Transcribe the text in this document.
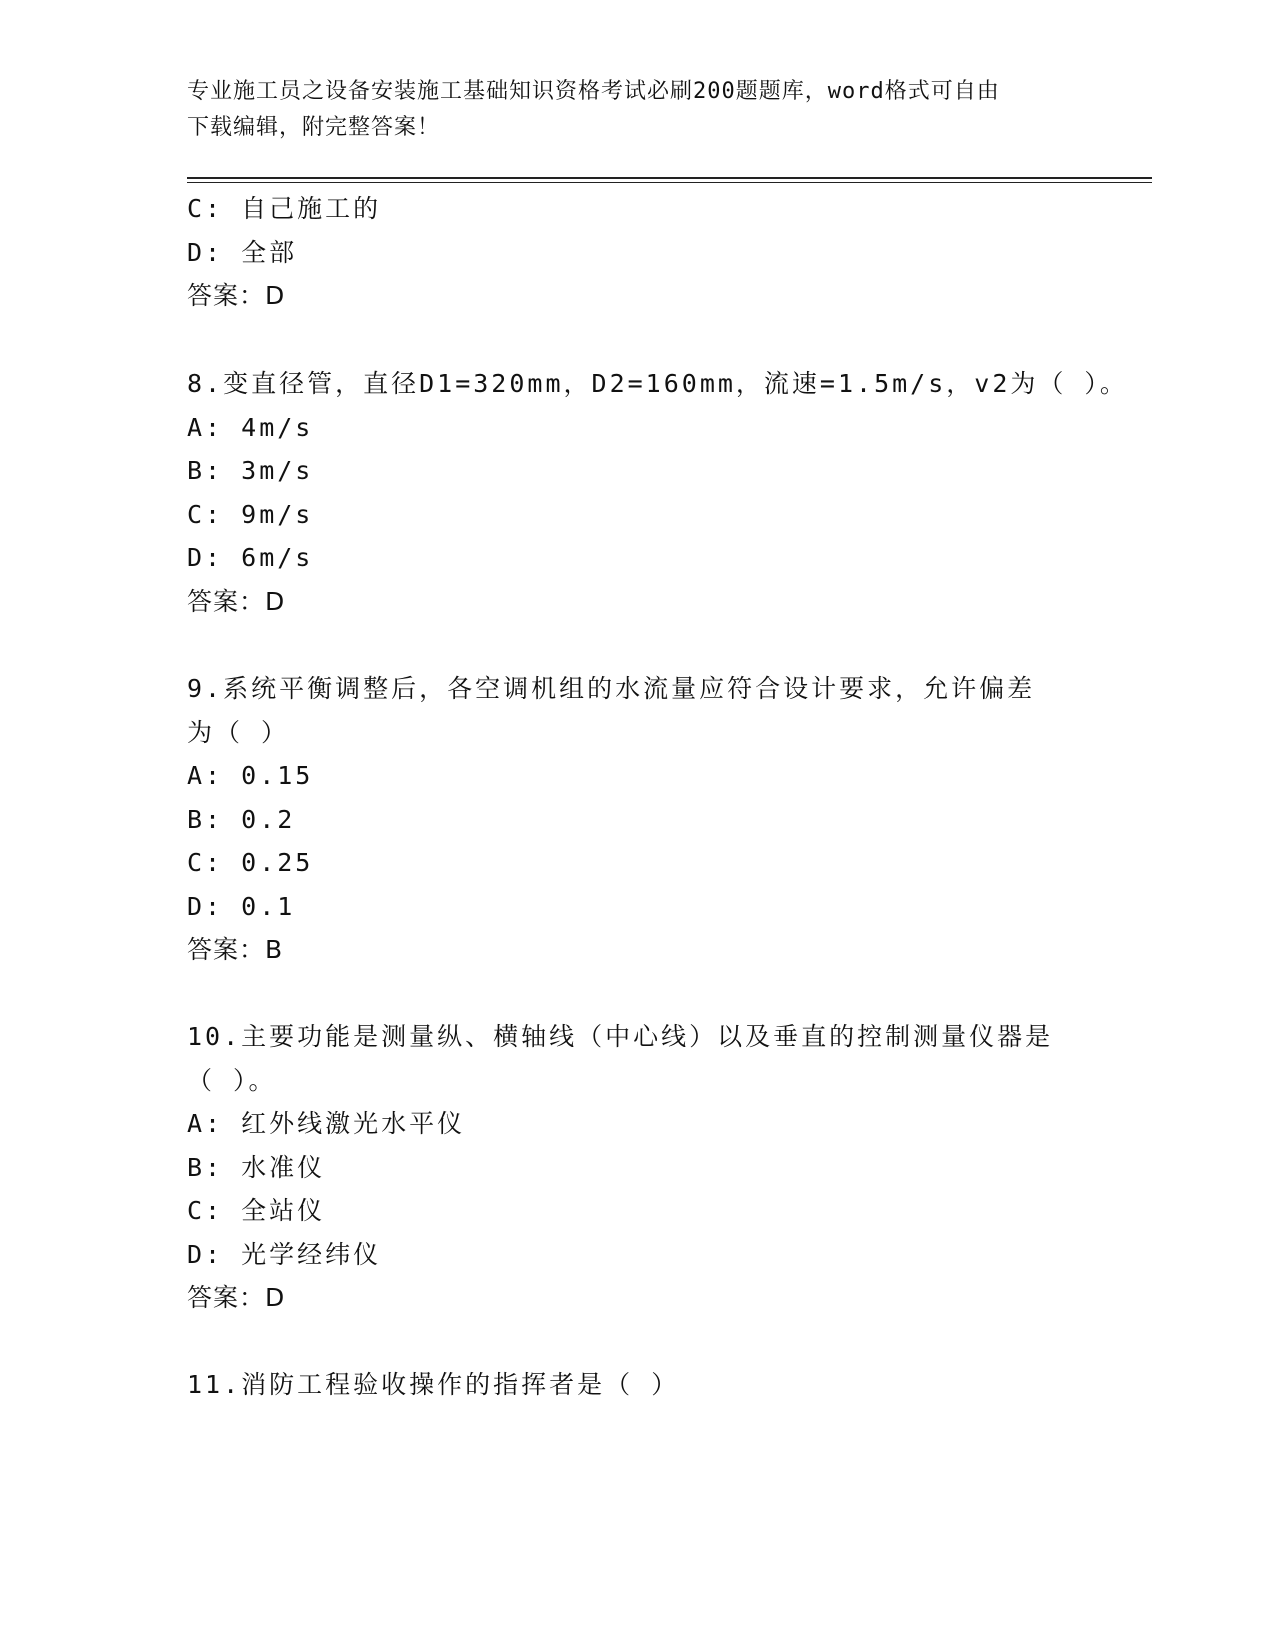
专业施工员之设备安装施工基础知识资格考试必刷200题题库，word格式可自由
下载编辑，附完整答案！
C: 自己施工的
D: 全部
答案：D
8.变直径管，直径D1=320mm，D2=160mm，流速=1.5m/s，v2为（ ）。
A: 4m/s
B: 3m/s
C: 9m/s
D: 6m/s
答案：D
9.系统平衡调整后，各空调机组的水流量应符合设计要求，允许偏差
为（ ）
A: 0.15
B: 0.2
C: 0.25
D: 0.1
答案：B
10.主要功能是测量纵、横轴线（中心线）以及垂直的控制测量仪器是
（ ）。
A: 红外线激光水平仪
B: 水准仪
C: 全站仪
D: 光学经纬仪
答案：D
11.消防工程验收操作的指挥者是（ ）
